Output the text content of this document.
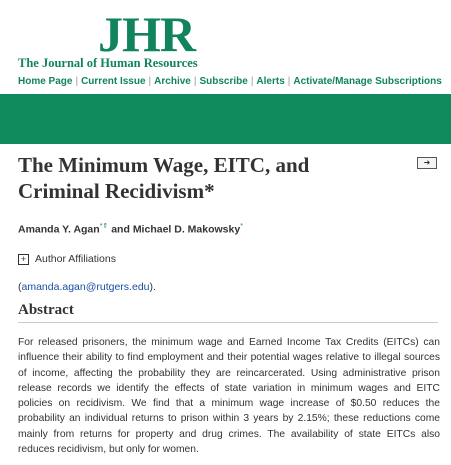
JHR
The Journal of Human Resources
Home Page | Current Issue | Archive | Subscribe | Alerts | Activate/Manage Subscriptions
The Minimum Wage, EITC, and Criminal Recidivism*
➜
Amanda Y. Agan*⇑ and Michael D. Makowsky*
+ Author Affiliations
(amanda.agan@rutgers.edu).
Abstract

For released prisoners, the minimum wage and Earned Income Tax Credits (EITCs) can influence their ability to find employment and their potential wages relative to illegal sources of income, affecting the probability they are reincarcerated. Using administrative prison release records we identify the effects of state variation in minimum wages and EITC policies on recidivism. We find that a minimum wage increase of $0.50 reduces the probability an individual returns to prison within 3 years by 2.15%; these reductions come mainly from returns for property and drug crimes. The availability of state EITCs also reduces recidivism, but only for women.
